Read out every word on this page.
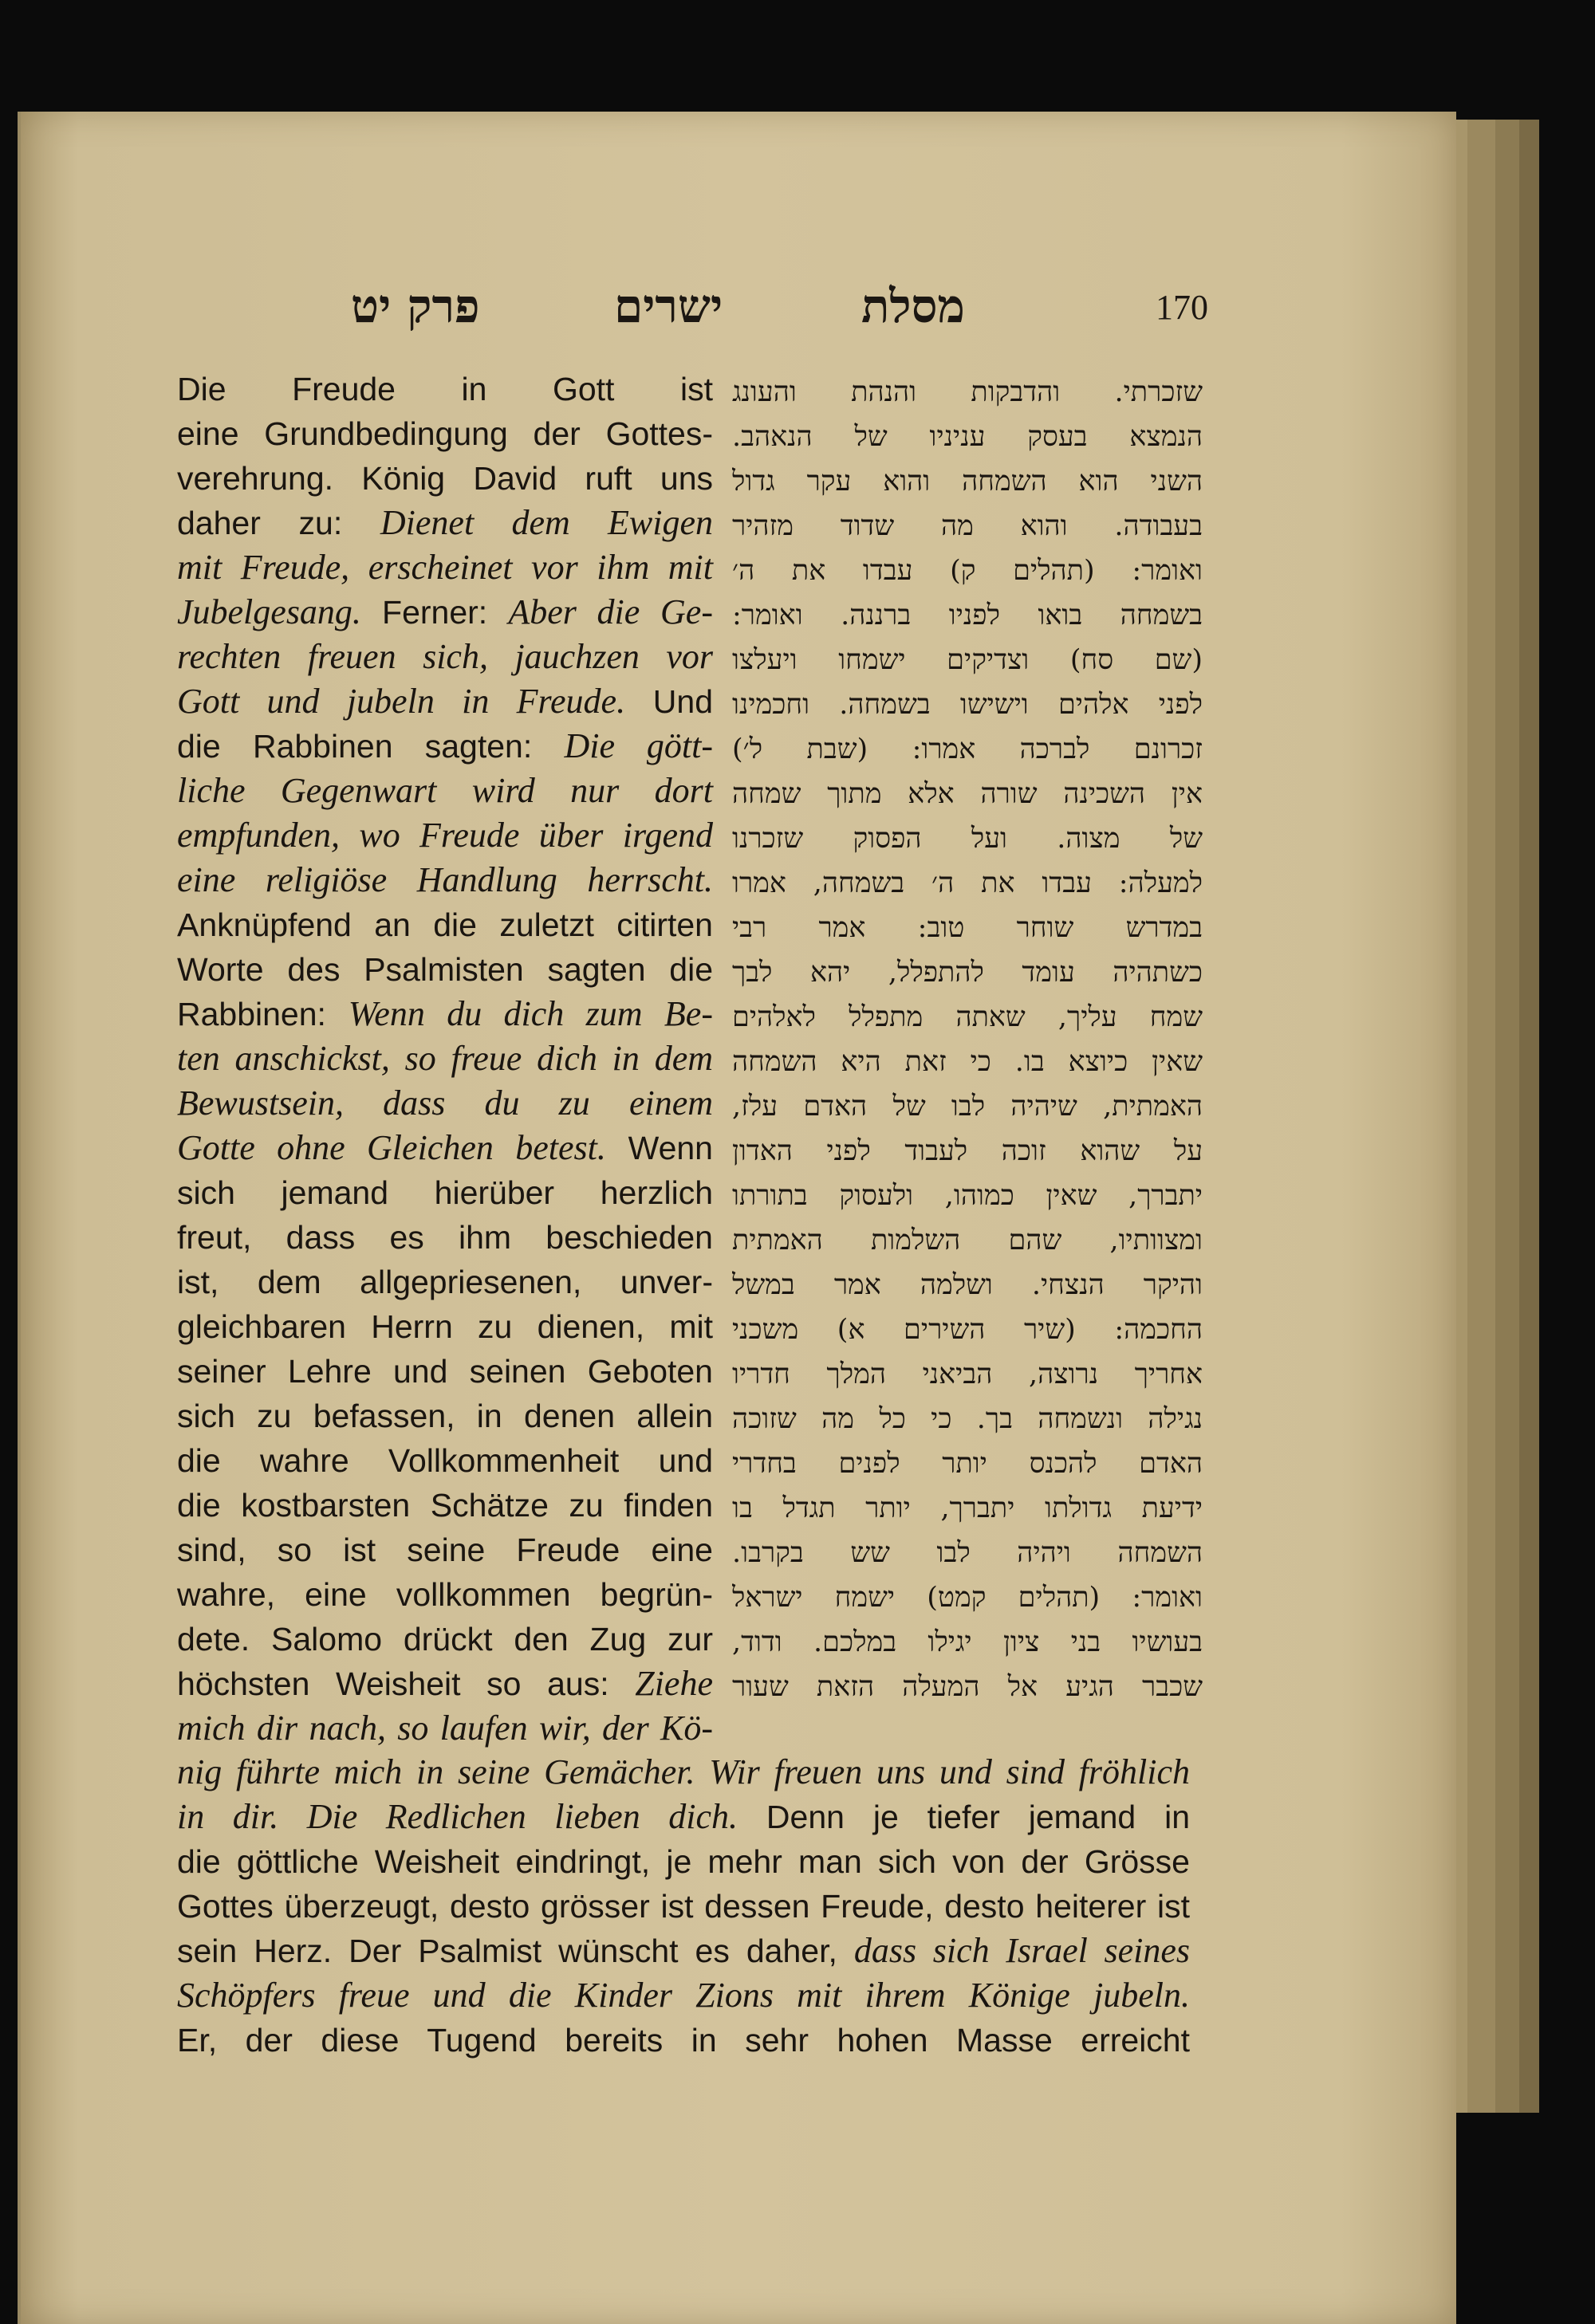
פרק יט	ישרים	מסלת	170
Die Freude in Gott ist
eine Grundbedingung der Gottes-
verehrung. König David ruft uns
daher zu: Dienet dem Ewigen
mit Freude, erscheinet vor ihm mit
Jubelgesang. Ferner: Aber die Ge-
rechten freuen sich, jauchzen vor
Gott und jubeln in Freude. Und
die Rabbinen sagten: Die gött-
liche Gegenwart wird nur dort
empfunden, wo Freude über irgend
eine religiöse Handlung herrscht.
Anknüpfend an die zuletzt citirten
Worte des Psalmisten sagten die
Rabbinen: Wenn du dich zum Be-
ten anschickst, so freue dich in dem
Bewustsein, dass du zu einem
Gotte ohne Gleichen betest. Wenn
sich jemand hierüber herzlich
freut, dass es ihm beschieden
ist, dem allgepriesenen, unver-
gleichbaren Herrn zu dienen, mit
seiner Lehre und seinen Geboten
sich zu befassen, in denen allein
die wahre Vollkommenheit und
die kostbarsten Schätze zu finden
sind, so ist seine Freude eine
wahre, eine vollkommen begrün-
dete. Salomo drückt den Zug zur
höchsten Weisheit so aus: Ziehe
mich dir nach, so laufen wir, der Kö-
שזכרתי. והדבקות והנהת והעונג
הנמצא בעסק עניניו של הנאהב.
השני הוא השמחה והוא עקר גדול
בעבודה. והוא מה שדוד מזהיר
ואומר: (תהלים ק) עבדו את ה׳
בשמחה בואו לפניו ברננה. ואומר:
(שם סח) וצדיקים ישמחו ויעלצו
לפני אלהים וישישו בשמחה. וחכמינו
זכרונם לברכה אמרו: (שבת ל׳)
אין השכינה שורה אלא מתוך שמחה
של מצוה. ועל הפסוק שזכרנו
למעלה: עבדו את ה׳ בשמחה, אמרו
במדרש שוחר טוב: אמר רבי
כשתהיה עומד להתפלל, יהא לבך
שמח עליך, שאתה מתפלל לאלהים
שאין כיוצא בו. כי זאת היא השמחה
האמתית, שיהיה לבו של האדם עלז,
על שהוא זוכה לעבוד לפני האדון
יתברך, שאין כמוהו, ולעסוק בתורתו
ומצוותיו, שהם השלמות האמתית
והיקר הנצחי. ושלמה אמר במשל
החכמה: (שיר השירים א) משכני
אחריך נרוצה, הביאני המלך חדריו
נגילה ונשמחה בך. כי כל מה שזוכה
האדם להכנס יותר לפנים בחדרי
ידיעת גדולתו יתברך, יותר תגדל בו
השמחה ויהיה לבו שש בקרבו.
ואומר: (תהלים קמט) ישמח ישראל
בעושיו בני ציון יגילו במלכם. ודוד,
שכבר הגיע אל המעלה הזאת שעור
nig führte mich in seine Gemächer. Wir freuen uns und sind fröhlich
in dir. Die Redlichen lieben dich. Denn je tiefer jemand in
die göttliche Weisheit eindringt, je mehr man sich von der Grösse
Gottes überzeugt, desto grösser ist dessen Freude, desto heiterer ist
sein Herz. Der Psalmist wünscht es daher, dass sich Israel seines
Schöpfers freue und die Kinder Zions mit ihrem Könige jubeln.
Er, der diese Tugend bereits in sehr hohen Masse erreicht
